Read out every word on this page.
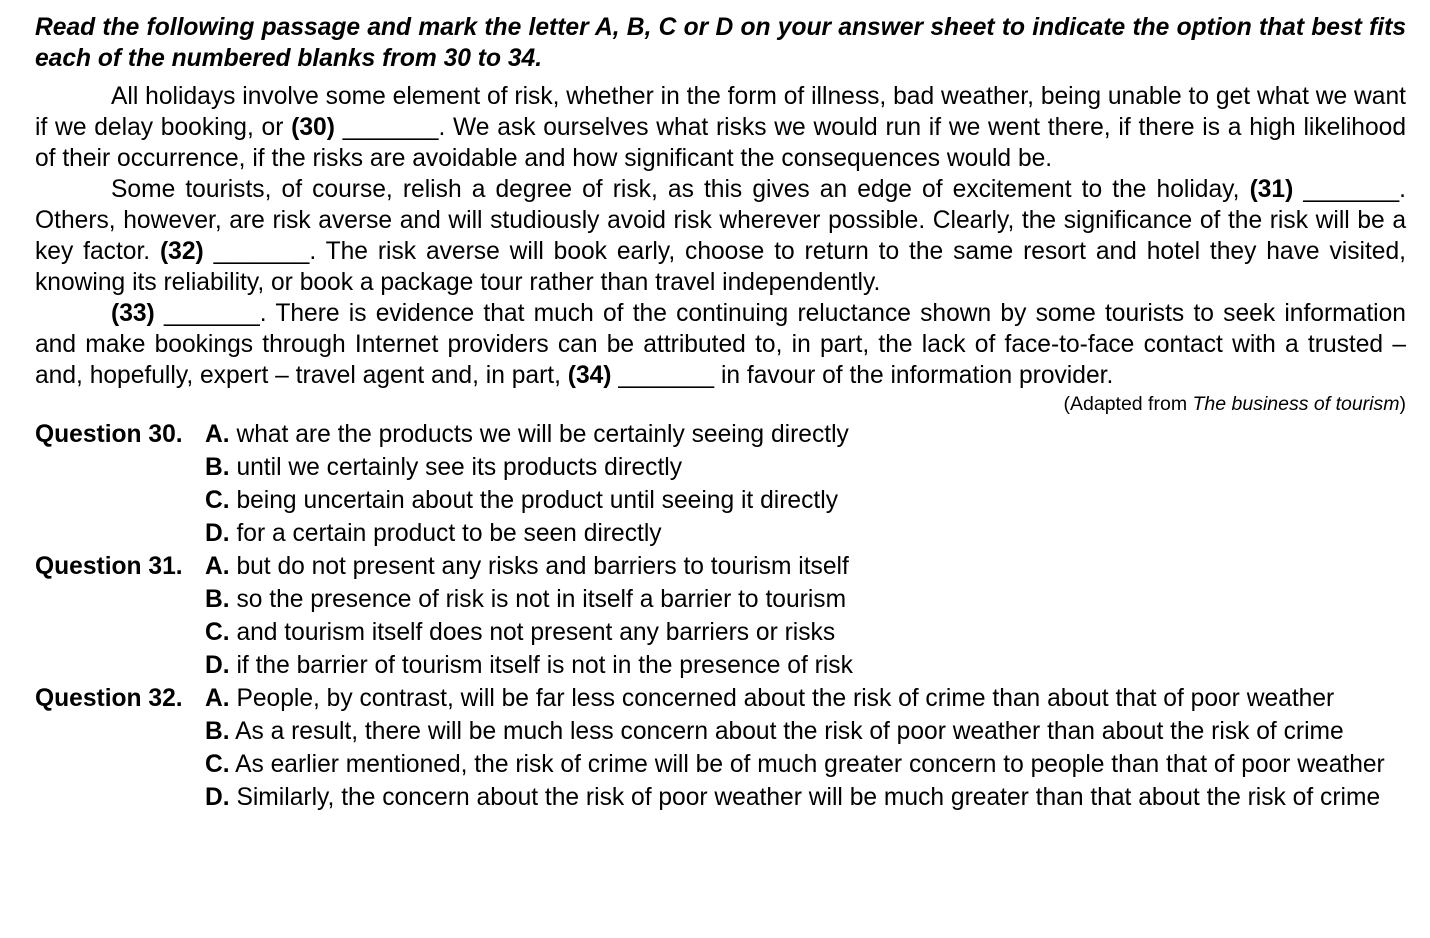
Read the following passage and mark the letter A, B, C or D on your answer sheet to indicate the option that best fits each of the numbered blanks from 30 to 34.

All holidays involve some element of risk, whether in the form of illness, bad weather, being unable to get what we want if we delay booking, or (30) _______. We ask ourselves what risks we would run if we went there, if there is a high likelihood of their occurrence, if the risks are avoidable and how significant the consequences would be.

Some tourists, of course, relish a degree of risk, as this gives an edge of excitement to the holiday, (31) _______. Others, however, are risk averse and will studiously avoid risk wherever possible. Clearly, the significance of the risk will be a key factor. (32) _______. The risk averse will book early, choose to return to the same resort and hotel they have visited, knowing its reliability, or book a package tour rather than travel independently.

(33) _______. There is evidence that much of the continuing reluctance shown by some tourists to seek information and make bookings through Internet providers can be attributed to, in part, the lack of face-to-face contact with a trusted – and, hopefully, expert – travel agent and, in part, (34) _______ in favour of the information provider.

(Adapted from The business of tourism)
Question 30. A. what are the products we will be certainly seeing directly
B. until we certainly see its products directly
C. being uncertain about the product until seeing it directly
D. for a certain product to be seen directly
Question 31. A. but do not present any risks and barriers to tourism itself
B. so the presence of risk is not in itself a barrier to tourism
C. and tourism itself does not present any barriers or risks
D. if the barrier of tourism itself is not in the presence of risk
Question 32. A. People, by contrast, will be far less concerned about the risk of crime than about that of poor weather
B. As a result, there will be much less concern about the risk of poor weather than about the risk of crime
C. As earlier mentioned, the risk of crime will be of much greater concern to people than that of poor weather
D. Similarly, the concern about the risk of poor weather will be much greater than that about the risk of crime
